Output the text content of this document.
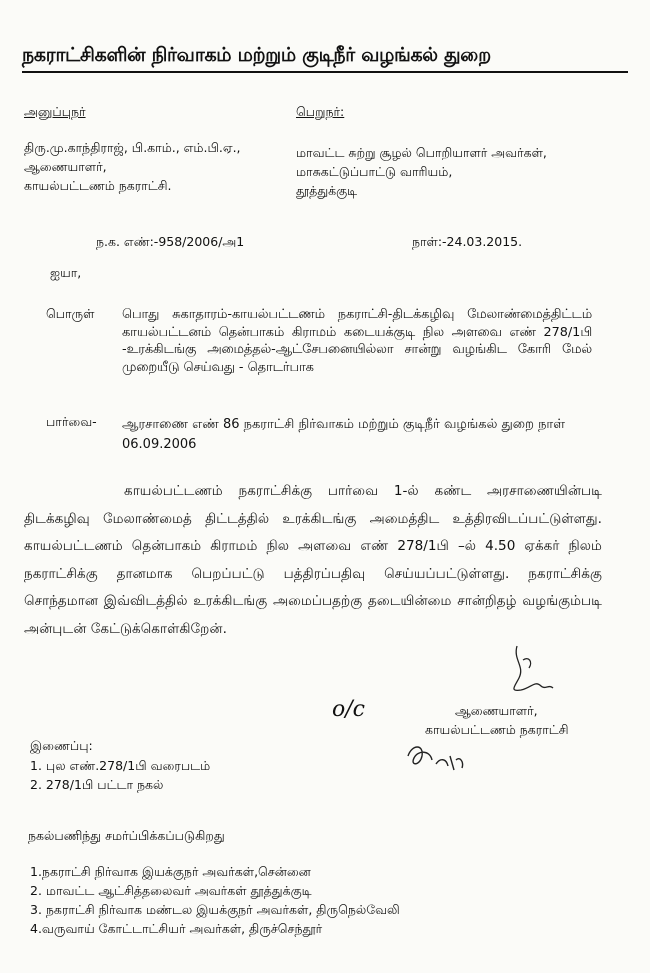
நகராட்சிகளின் நிர்வாகம் மற்றும் குடிநீர் வழங்கல் துறை
அனுப்புநர்
திரு.மு.காந்திராஜ், பி.காம்., எம்.பி.ஏ.,
ஆணையாளர்,
காயல்பட்டணம் நகராட்சி.
பெறுநர்:
மாவட்ட சுற்று சூழல் பொறியாளர் அவர்கள்,
மாசுகட்டுப்பாட்டு வாரியம்,
தூத்துக்குடி
ந.க. எண்:-958/2006/அ1	நாள்:-24.03.2015.
ஐயா,
பொருள் பொது சுகாதாரம்-காயல்பட்டணம் நகராட்சி-திடக்கழிவு மேலாண்மைத்திட்டம் காயல்பட்டனம் தென்பாகம் கிராமம் கடையக்குடி நில அளவை எண் 278/1பி -உரக்கிடங்கு அமைத்தல்-ஆட்சேபனையில்லா சான்று வழங்கிட கோரி மேல் முறையீடு செய்வது - தொடர்பாக
பார்வை- ஆரசாணை எண் 86 நகராட்சி நிர்வாகம் மற்றும் குடிநீர் வழங்கல் துறை நாள் 06.09.2006
காயல்பட்டணம் நகராட்சிக்கு பார்வை 1-ல் கண்ட அரசாணையின்படி திடக்கழிவு மேலாண்மைத் திட்டத்தில் உரக்கிடங்கு அமைத்திட உத்திரவிடப்பட்டுள்ளது. காயல்பட்டணம் தென்பாகம் கிராமம் நில அளவை எண் 278/1பி –ல் 4.50 ஏக்கர் நிலம் நகராட்சிக்கு தானமாக பெறப்பட்டு பத்திரப்பதிவு செய்யப்பட்டுள்ளது. நகராட்சிக்கு சொந்தமான இவ்விடத்தில் உரக்கிடங்கு அமைப்பதற்கு தடையின்மை சான்றிதழ் வழங்கும்படி அன்புடன் கேட்டுக்கொள்கிறேன்.
o/c	ஆணையாளர்,
காயல்பட்டணம் நகராட்சி
இணைப்பு:
1. புல எண்.278/1பி வரைபடம்
2. 278/1பி பட்டா நகல்
நகல்பணிந்து சமர்ப்பிக்கப்படுகிறது
1.நகராட்சி நிர்வாக இயக்குநர் அவர்கள்,சென்னை
2. மாவட்ட ஆட்சித்தலைவர் அவர்கள் தூத்துக்குடி
3. நகராட்சி நிர்வாக மண்டல இயக்குநர் அவர்கள், திருநெல்வேலி
4.வருவாய் கோட்டாட்சியர் அவர்கள், திருச்செந்தூர்
